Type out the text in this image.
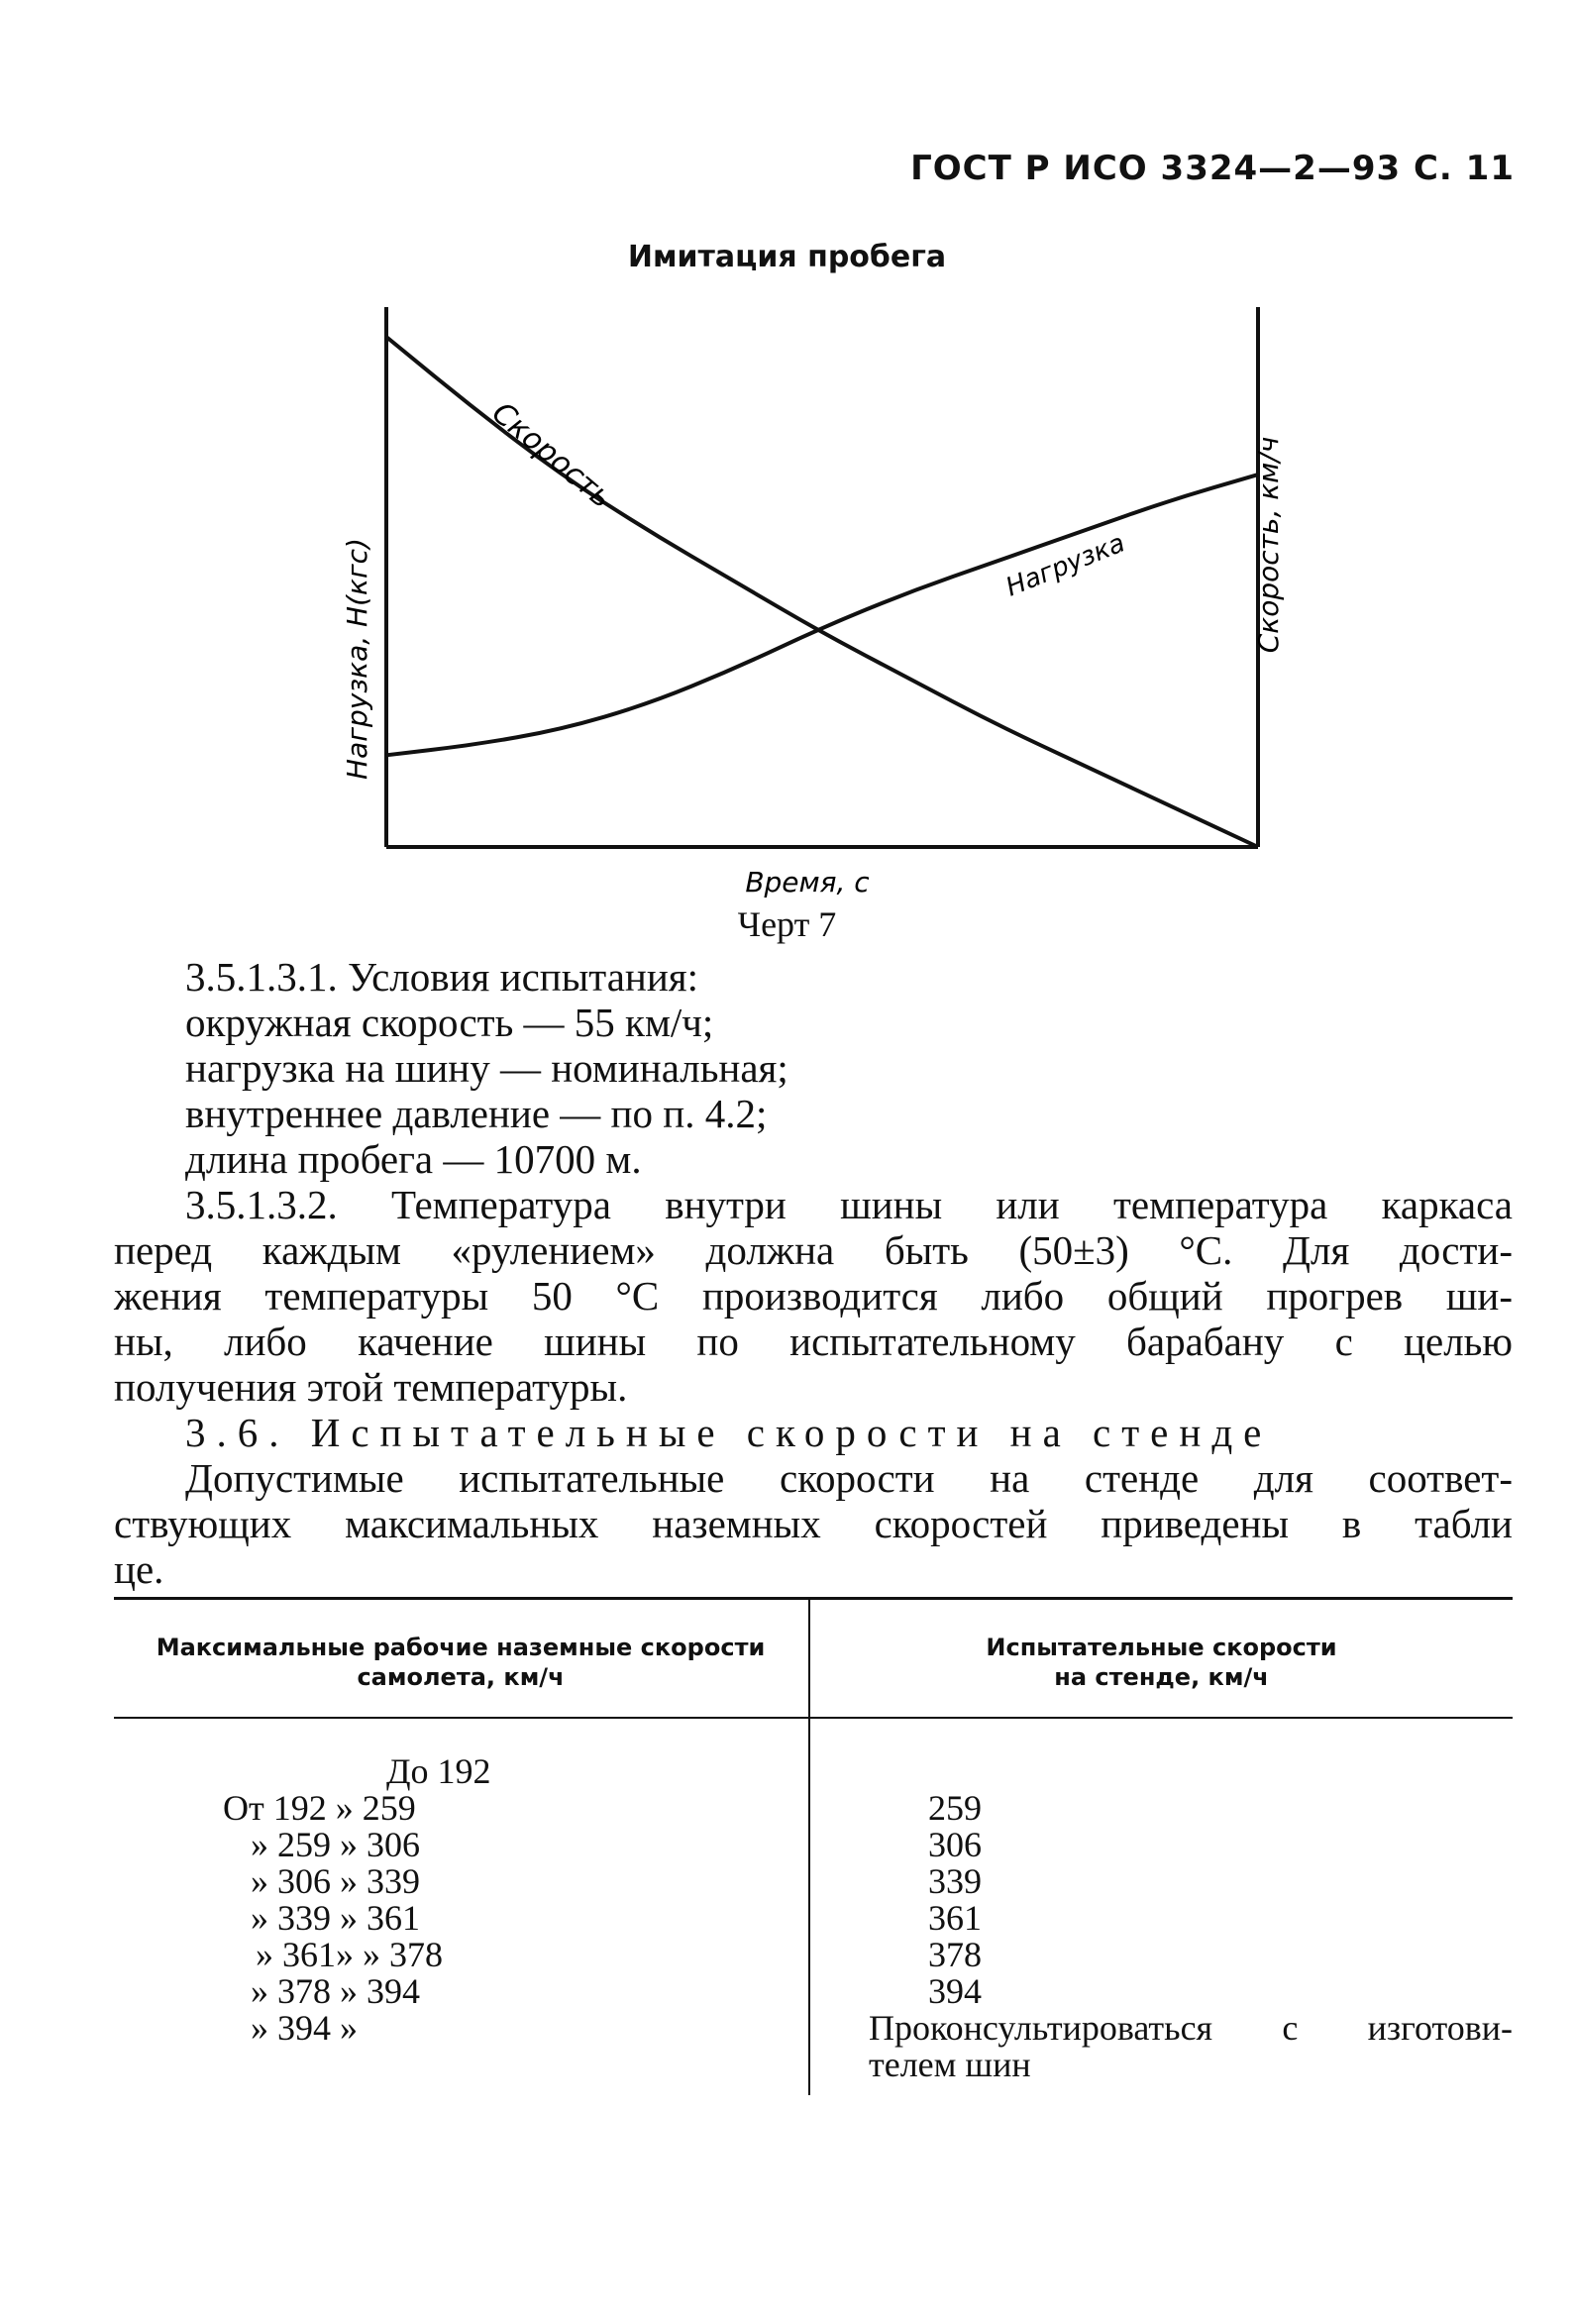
ГОСТ Р ИСО 3324—2—93 С. 11
Имитация пробега
Скорость
Нагрузка
Нагрузка, Н(кгс)	Скорость, км/ч
Время, с
Черт 7
3.5.1.3.1. Условия испытания:
окружная скорость — 55 км/ч;
нагрузка на шину — номинальная;
внутреннее давление — по п. 4.2;
длина пробега — 10700 м.
3.5.1.3.2. Температура внутри шины или температура каркаса
перед каждым «рулением» должна быть (50±3) °С. Для дости-
жения температуры 50 °С производится либо общий прогрев ши-
ны, либо качение шины по испытательному барабану с целью
получения этой температуры.
3.6. Испытательные скорости на стенде
Допустимые испытательные скорости на стенде для соответ-
ствующих максимальных наземных скоростей приведены в табли
це.
Максимальные рабочие наземные скорости
самолета, км/ч
Испытательные скорости
на стенде, км/ч
До 192
От 192 » 259
» 259 » 306
» 306 » 339
» 339 » 361
» 361» » 378
» 378 » 394
» 394 »
259
306
339
361
378
394
Проконсультироваться с изготови-
телем шин
